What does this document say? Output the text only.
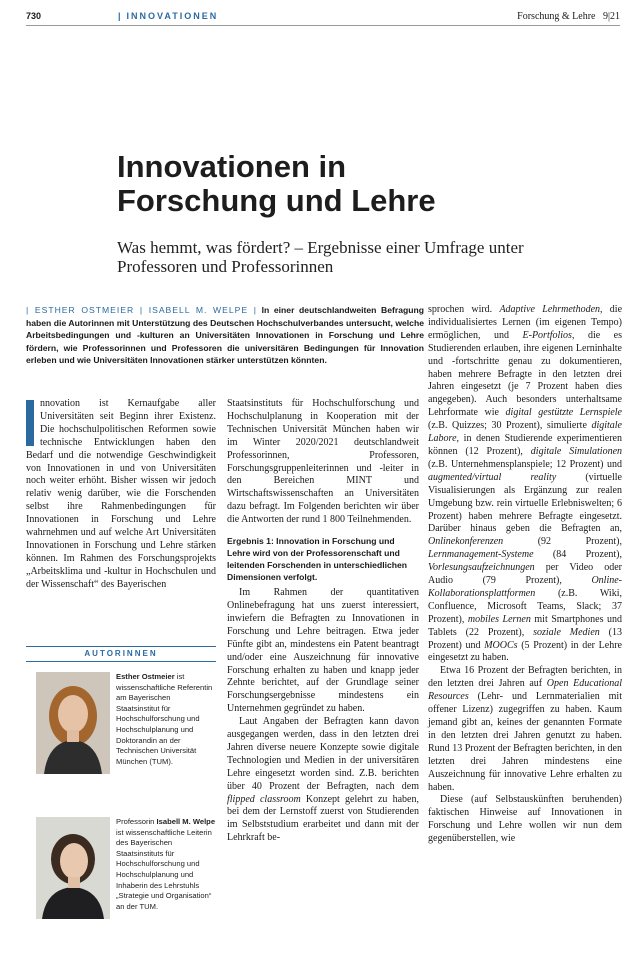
730	| INNOVATIONEN	Forschung & Lehre 9|21
Innovationen in
Forschung und Lehre

Was hemmt, was fördert? – Ergebnisse einer Umfrage unter Professoren und Professorinnen

| ESTHER OSTMEIER | ISABELL M. WELPE | In einer deutschlandweiten Befragung haben die Autorinnen mit Unterstützung des Deutschen Hochschulverbandes untersucht, welche Arbeitsbedingungen und -kulturen an Universitäten Innovationen in Forschung und Lehre fördern, wie Professorinnen und Professoren die universitären Bedingungen für Innovation erleben und wie Universitäten Innovationen stärker unterstützen könnten.

nnovation ist Kernaufgabe aller Universitäten seit Beginn ihrer Existenz. Die hochschulpolitischen Reformen sowie technische Entwicklungen haben den Bedarf und die notwendige Geschwindigkeit von Innovationen in und von Universitäten noch weiter erhöht. Bisher wissen wir jedoch relativ wenig darüber, wie die Forschenden selbst ihre Rahmenbedingungen für Innovationen in Forschung und Lehre wahrnehmen und auf welche Art Universitäten Innovationen in Forschung und Lehre stärken können. Im Rahmen des Forschungsprojekts „Arbeitsklima und -kultur in Hochschulen und der Wissenschaft“ des Bayerischen

AUTORINNEN
Esther Ostmeier ist wissenschaftliche Referentin am Bayerischen Staatsinstitut für Hochschulforschung und Hochschulplanung und Doktorandin an der Technischen Universität München (TUM).
Professorin Isabell M. Welpe ist wissenschaftliche Leiterin des Bayerischen Staatsinstituts für Hochschulforschung und Hochschulplanung und Inhaberin des Lehrstuhls „Strategie und Organisation“ an der TUM.

Staatsinstituts für Hochschulforschung und Hochschulplanung in Kooperation mit der Technischen Universität München haben wir im Winter 2020/2021 deutschlandweit Professorinnen, Professoren, Forschungsgruppenleiterinnen und -leiter in den Bereichen MINT und Wirtschaftswissenschaften an Universitäten dazu befragt. Im Folgenden berichten wir über die Antworten der rund 1 800 Teilnehmenden.

Ergebnis 1: Innovation in Forschung und Lehre wird von der Professorenschaft und leitenden Forschenden in unterschiedlichen Dimensionen verfolgt.

Im Rahmen der quantitativen Onlinebefragung hat uns zuerst interessiert, inwiefern die Befragten zu Innovationen in Forschung und Lehre beitragen. Etwa jeder Fünfte gibt an, mindestens ein Patent beantragt und/oder eine Auszeichnung für innovative Forschung erhalten zu haben und knapp jeder Zehnte berichtet, auf der Grundlage seiner Forschungsergebnisse mindestens ein Unternehmen gegründet zu haben.

Laut Angaben der Befragten kann davon ausgegangen werden, dass in den letzten drei Jahren diverse neuere Konzepte sowie digitale Technologien und Medien in der universitären Lehre eingesetzt worden sind. Z.B. berichten über 40 Prozent der Befragten, nach dem flipped classroom Konzept gelehrt zu haben, bei dem der Lernstoff zuerst von Studierenden im Selbststudium erarbeitet und dann mit der Lehrkraft be-

sprochen wird. Adaptive Lehrmethoden, die individualisiertes Lernen (im eigenen Tempo) ermöglichen, und E-Portfolios, die es Studierenden erlauben, ihre eigenen Lerninhalte und -fortschritte genau zu dokumentieren, haben mehrere Befragte in den letzten drei Jahren eingesetzt (je 7 Prozent haben dies angegeben). Auch besonders unterhaltsame Lehrformate wie digital gestützte Lernspiele (z.B. Quizzes; 30 Prozent), simulierte digitale Labore, in denen Studierende experimentieren können (12 Prozent), digitale Simulationen (z.B. Unternehmensplanspiele; 12 Prozent) und augmented/virtual reality (virtuelle Visualisierungen als Ergänzung zur realen Umgebung bzw. rein virtuelle Erlebniswelten; 6 Prozent) haben mehrere Befragte eingesetzt. Darüber hinaus geben die Befragten an, Onlinekonferenzen (92 Prozent), Lernmanagement-Systeme (84 Prozent), Vorlesungsaufzeichnungen per Video oder Audio (79 Prozent), Online-Kollaborationsplattformen (z.B. Wiki, Confluence, Microsoft Teams, Slack; 37 Prozent), mobiles Lernen mit Smartphones und Tablets (22 Prozent), soziale Medien (13 Prozent) und MOOCs (5 Prozent) in der Lehre eingesetzt zu haben.

Etwa 16 Prozent der Befragten berichten, in den letzten drei Jahren auf Open Educational Resources (Lehr- und Lernmaterialien mit offener Lizenz) zugegriffen zu haben. Kaum jemand gibt an, keines der genannten Formate in den letzten drei Jahren genutzt zu haben. Rund 13 Prozent der Befragten berichten, in den letzten drei Jahren mindestens eine Auszeichnung für innovative Lehre erhalten zu haben.

Diese (auf Selbstauskünften beruhenden) faktischen Hinweise auf Innovationen in Forschung und Lehre wollen wir nun dem gegenüberstellen, wie
